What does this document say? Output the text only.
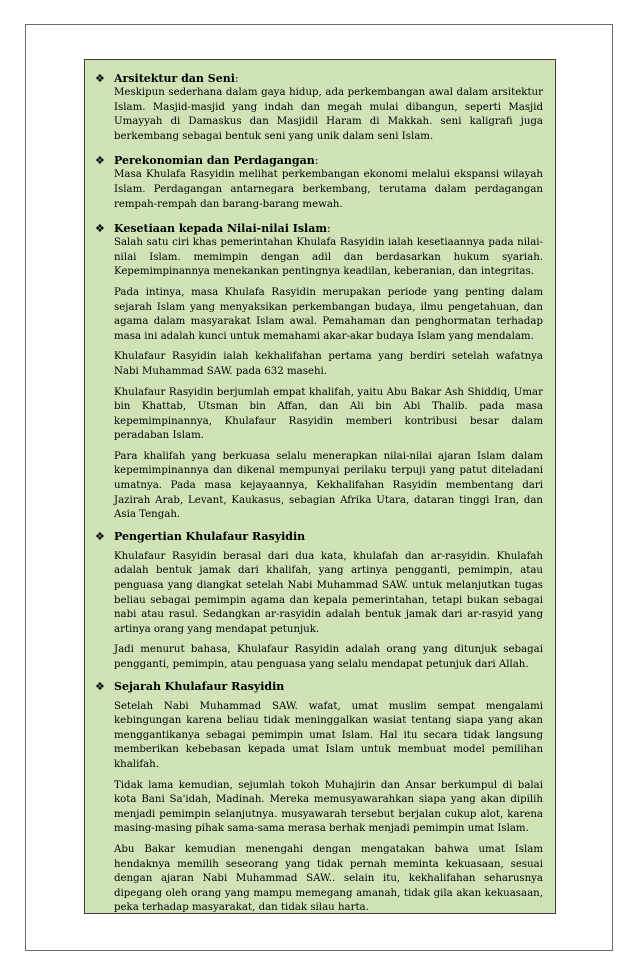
❖ Arsitektur dan Seni :

Meskipun sederhana dalam gaya hidup, ada perkembangan awal dalam arsitektur Islam. Masjid-masjid yang indah dan megah mulai dibangun, seperti Masjid Umayyah di Damaskus dan Masjidil Haram di Makkah. seni kaligrafi juga berkembang sebagai bentuk seni yang unik dalam seni Islam.

❖ Perekonomian dan Perdagangan :

Masa Khulafa Rasyidin melihat perkembangan ekonomi melalui ekspansi wilayah Islam. Perdagangan antarnegara berkembang, terutama dalam perdagangan rempah-rempah dan barang-barang mewah.

❖ Kesetiaan kepada Nilai-nilai Islam :

Salah satu ciri khas pemerintahan Khulafa Rasyidin ialah kesetiaannya pada nilai-nilai Islam. memimpin dengan adil dan berdasarkan hukum syariah. Kepemimpinannya menekankan pentingnya keadilan, keberanian, dan integritas.

Pada intinya, masa Khulafa Rasyidin merupakan periode yang penting dalam sejarah Islam yang menyaksikan perkembangan budaya, ilmu pengetahuan, dan agama dalam masyarakat Islam awal. Pemahaman dan penghormatan terhadap masa ini adalah kunci untuk memahami akar-akar budaya Islam yang mendalam.

Khulafaur Rasyidin ialah kekhalifahan pertama yang berdiri setelah wafatnya Nabi Muhammad SAW. pada 632 masehi.

Khulafaur Rasyidin berjumlah empat khalifah, yaitu Abu Bakar Ash Shiddiq, Umar bin Khattab, Utsman bin Affan, dan Ali bin Abi Thalib. pada masa kepemimpinannya, Khulafaur Rasyidin memberi kontribusi besar dalam peradaban Islam.

Para khalifah yang berkuasa selalu menerapkan nilai-nilai ajaran Islam dalam kepemimpinannya dan dikenal mempunyai perilaku terpuji yang patut diteladani umatnya. Pada masa kejayaannya, Kekhalifahan Rasyidin membentang dari Jazirah Arab, Levant, Kaukasus, sebagian Afrika Utara, dataran tinggi Iran, dan Asia Tengah.

❖ Pengertian Khulafaur Rasyidin

Khulafaur Rasyidin berasal dari dua kata, khulafah dan ar-rasyidin. Khulafah adalah bentuk jamak dari khalifah, yang artinya pengganti, pemimpin, atau penguasa yang diangkat setelah Nabi Muhammad SAW. untuk melanjutkan tugas beliau sebagai pemimpin agama dan kepala pemerintahan, tetapi bukan sebagai nabi atau rasul. Sedangkan ar-rasyidin adalah bentuk jamak dari ar-rasyid yang artinya orang yang mendapat petunjuk.

Jadi menurut bahasa, Khulafaur Rasyidin adalah orang yang ditunjuk sebagai pengganti, pemimpin, atau penguasa yang selalu mendapat petunjuk dari Allah.

❖ Sejarah Khulafaur Rasyidin

Setelah Nabi Muhammad SAW. wafat, umat muslim sempat mengalami kebingungan karena beliau tidak meninggalkan wasiat tentang siapa yang akan menggantikanya sebagai pemimpin umat Islam. Hal itu secara tidak langsung memberikan kebebasan kepada umat Islam untuk membuat model pemilihan khalifah.

Tidak lama kemudian, sejumlah tokoh Muhajirin dan Ansar berkumpul di balai kota Bani Sa'idah, Madinah. Mereka memusyawarahkan siapa yang akan dipilih menjadi pemimpin selanjutnya. musyawarah tersebut berjalan cukup alot, karena masing-masing pihak sama-sama merasa berhak menjadi pemimpin umat Islam.

Abu Bakar kemudian menengahi dengan mengatakan bahwa umat Islam hendaknya memilih seseorang yang tidak pernah meminta kekuasaan, sesuai dengan ajaran Nabi Muhammad SAW.. selain itu, kekhalifahan seharusnya dipegang oleh orang yang mampu memegang amanah, tidak gila akan kekuasaan, peka terhadap masyarakat, dan tidak silau harta.
